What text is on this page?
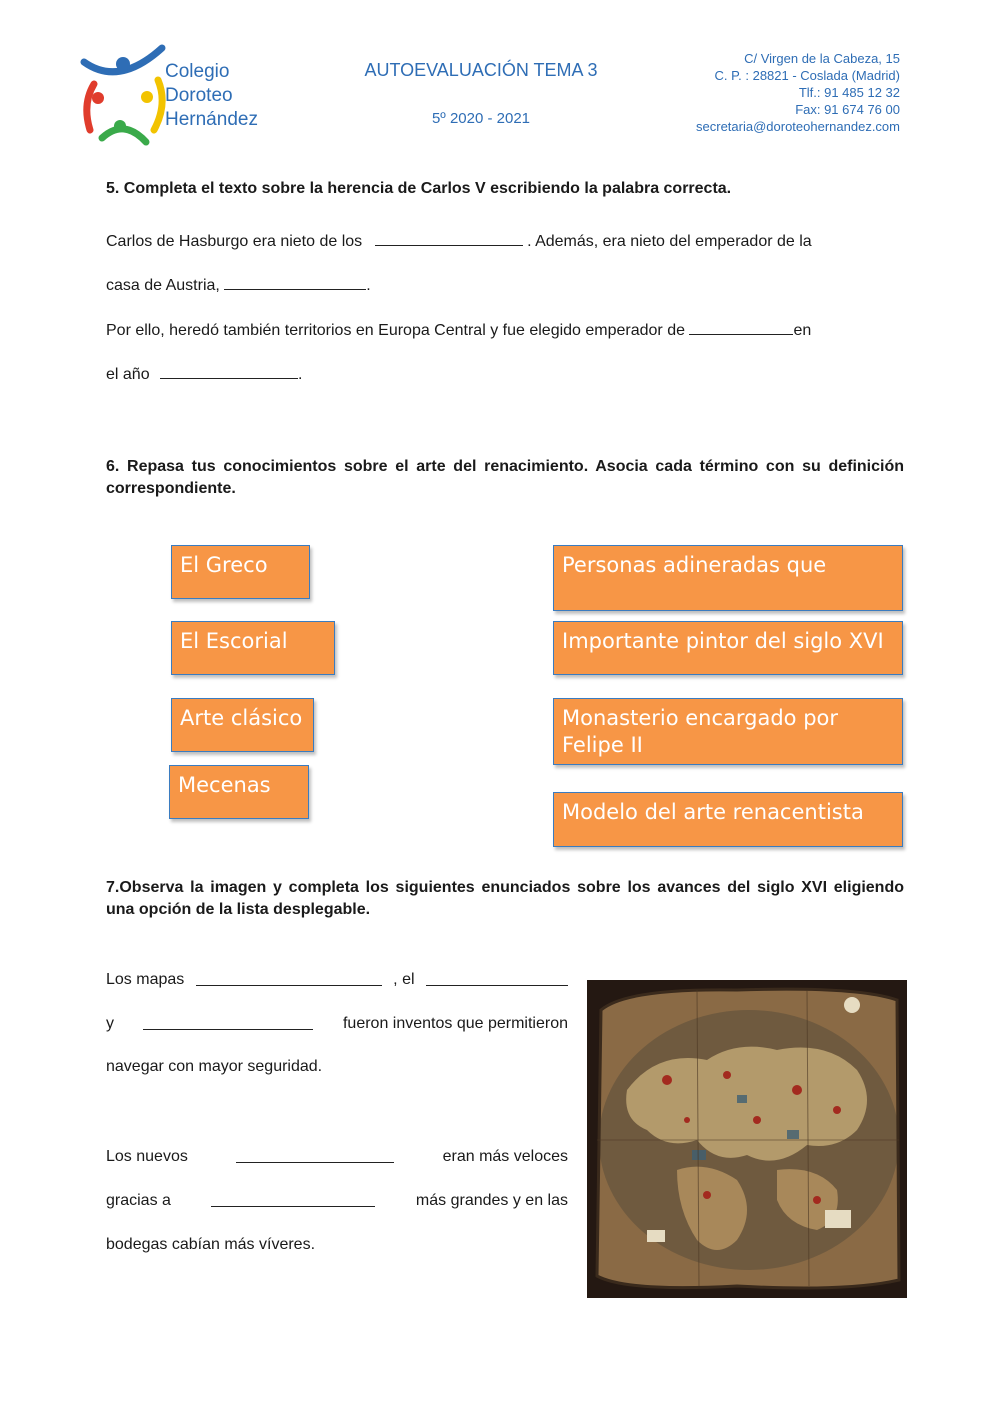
Colegio
Doroteo
Hernández
AUTOEVALUACIÓN TEMA 3
5º 2020 - 2021
C/ Virgen de la Cabeza, 15
C. P. : 28821 - Coslada (Madrid)
Tlf.: 91 485 12 32
Fax: 91 674 76 00
secretaria@doroteohernandez.com
5. Completa el texto sobre la herencia de Carlos V escribiendo la palabra correcta.
Carlos de Hasburgo era nieto de los	. Además, era nieto del emperador de la
casa de Austria,	.
Por ello, heredó también territorios en Europa Central y fue elegido emperador de	en
el año	.
6. Repasa tus conocimientos sobre el arte del renacimiento. Asocia cada término con su definición correspondiente.
El Greco
El Escorial
Arte clásico
Mecenas
Personas adineradas que
Importante pintor del siglo XVI
Monasterio encargado por Felipe II
Modelo del arte renacentista
7.Observa la imagen y completa los siguientes enunciados sobre los avances del siglo XVI eligiendo una opción de la lista desplegable.
Los mapas	, el
y	fueron inventos que permitieron
navegar con mayor seguridad.
Los nuevos	eran más veloces
gracias a	más grandes y en las
bodegas cabían más víveres.
